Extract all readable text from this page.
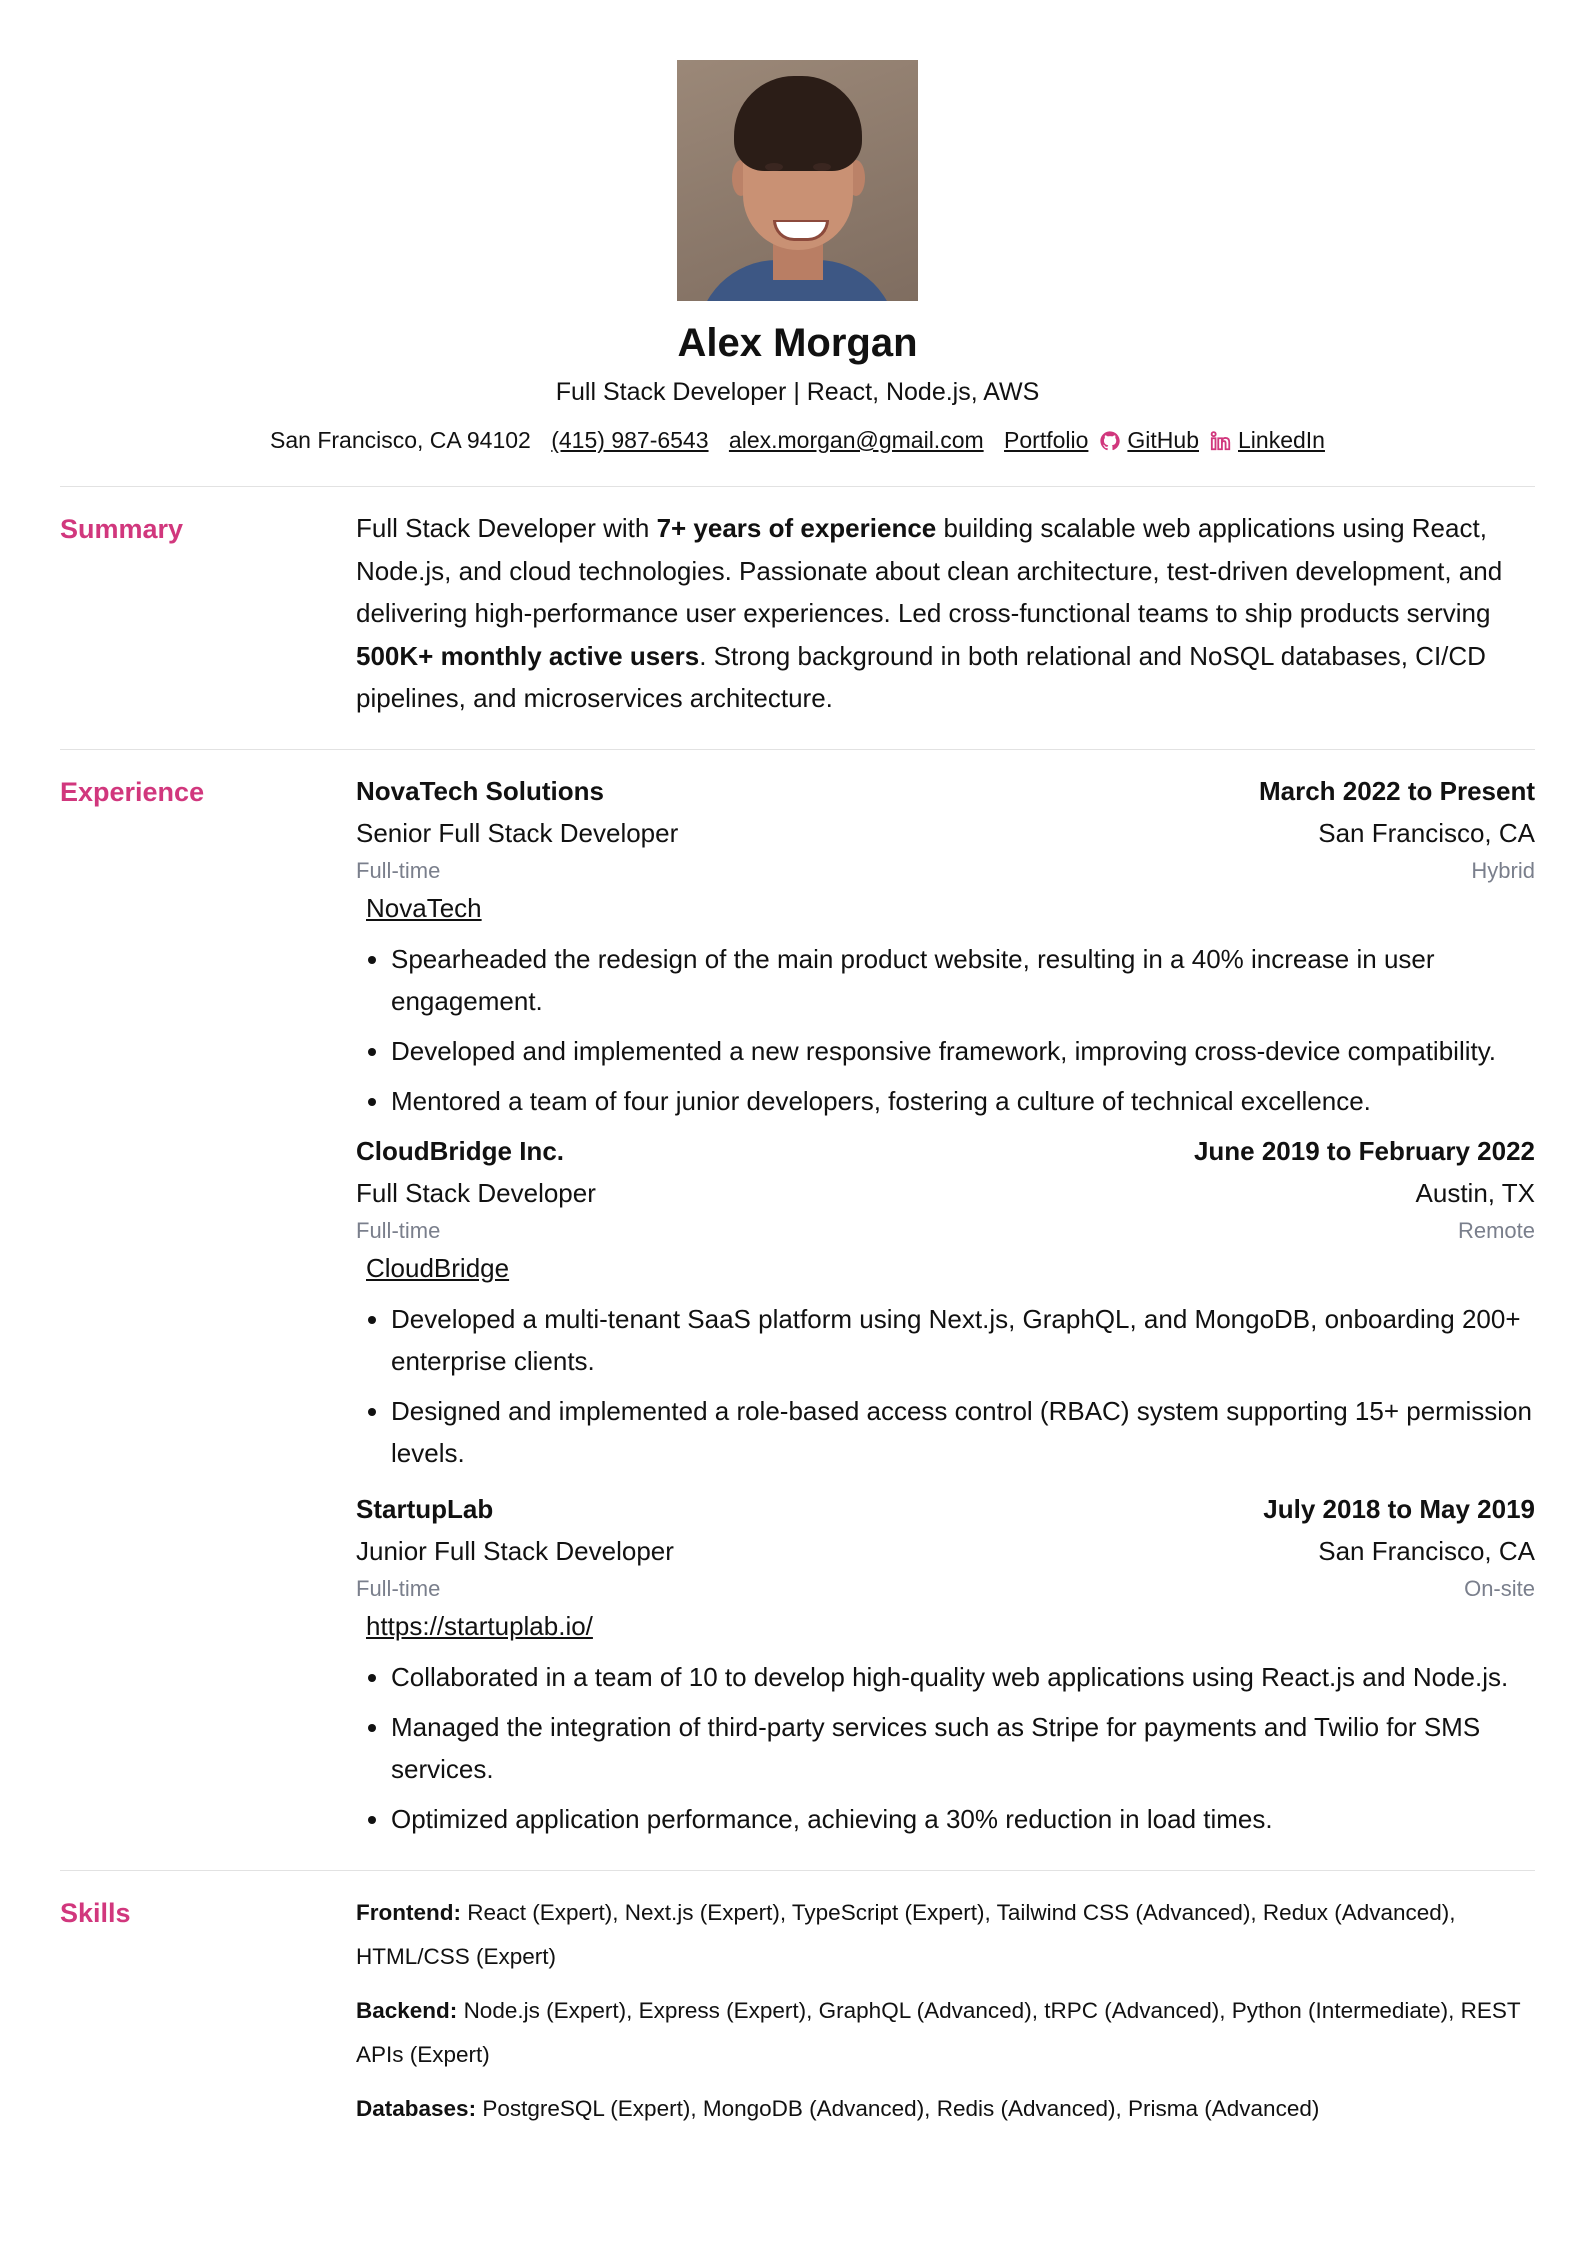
Alex Morgan
Full Stack Developer | React, Node.js, AWS
San Francisco, CA 94102 (415) 987-6543 alex.morgan@gmail.com Portfolio GitHub LinkedIn
Summary	Full Stack Developer with 7+ years of experience building scalable web applications using React, Node.js, and cloud technologies. Passionate about clean architecture, test-driven development, and delivering high-performance user experiences. Led cross-functional teams to ship products serving 500K+ monthly active users. Strong background in both relational and NoSQL databases, CI/CD pipelines, and microservices architecture.

Experience	NovaTech Solutions	March 2022 to Present
Senior Full Stack Developer	San Francisco, CA
Full-time	Hybrid
NovaTech
• Spearheaded the redesign of the main product website, resulting in a 40% increase in user engagement.
• Developed and implemented a new responsive framework, improving cross-device compatibility.
• Mentored a team of four junior developers, fostering a culture of technical excellence.
CloudBridge Inc.	June 2019 to February 2022
Full Stack Developer	Austin, TX
Full-time	Remote
CloudBridge
• Developed a multi-tenant SaaS platform using Next.js, GraphQL, and MongoDB, onboarding 200+ enterprise clients.
• Designed and implemented a role-based access control (RBAC) system supporting 15+ permission levels.
StartupLab	July 2018 to May 2019
Junior Full Stack Developer	San Francisco, CA
Full-time	On-site
https://startuplab.io/
• Collaborated in a team of 10 to develop high-quality web applications using React.js and Node.js.
• Managed the integration of third-party services such as Stripe for payments and Twilio for SMS services.
• Optimized application performance, achieving a 30% reduction in load times.
Skills	Frontend: React (Expert), Next.js (Expert), TypeScript (Expert), Tailwind CSS (Advanced), Redux (Advanced), HTML/CSS (Expert)
Backend: Node.js (Expert), Express (Expert), GraphQL (Advanced), tRPC (Advanced), Python (Intermediate), REST APIs (Expert)
Databases: PostgreSQL (Expert), MongoDB (Advanced), Redis (Advanced), Prisma (Advanced)
